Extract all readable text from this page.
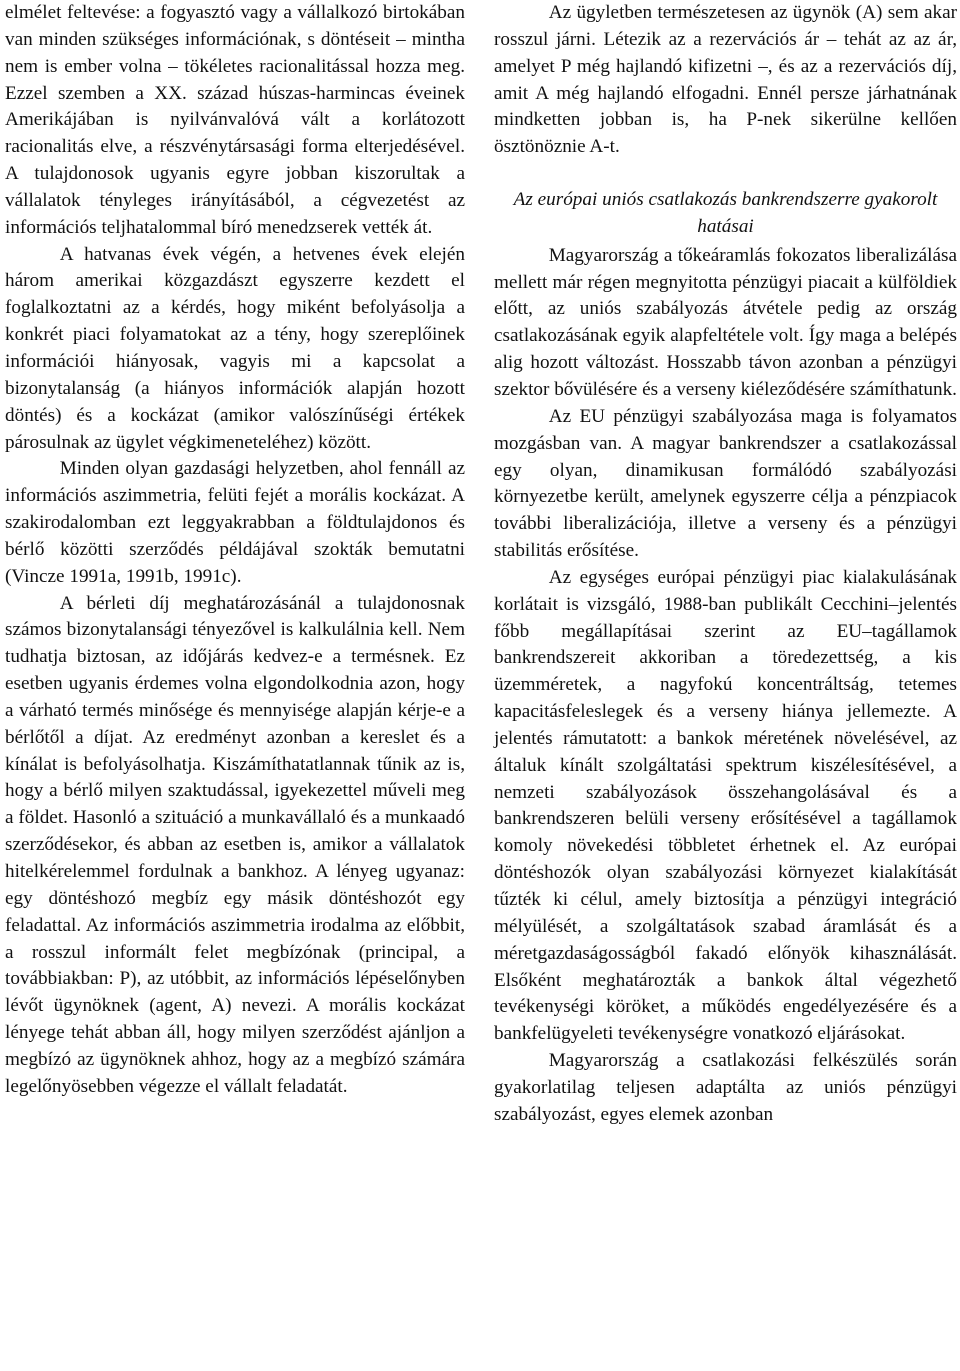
elmélet feltevése: a fogyasztó vagy a vállalkozó birtokában van minden szükséges információnak, s döntéseit – mintha nem is ember volna – tökéletes racionalitással hozza meg. Ezzel szemben a XX. század húszas-harmincas éveinek Amerikájában is nyilvánvalóvá vált a korlátozott racionalitás elve, a részvénytársasági forma elterjedésével. A tulajdonosok ugyanis egyre jobban kiszorultak a vállalatok tényleges irányításából, a cégvezetést az információs teljhatalommal bíró menedzserek vették át.

A hatvanas évek végén, a hetvenes évek elején három amerikai közgazdászt egyszerre kezdett el foglalkoztatni az a kérdés, hogy miként befolyásolja a konkrét piaci folyamatokat az a tény, hogy szereplőinek információi hiányosak, vagyis mi a kapcsolat a bizonytalanság (a hiányos információk alapján hozott döntés) és a kockázat (amikor valószínűségi értékek párosulnak az ügylet végkimeneteléhez) között.

Minden olyan gazdasági helyzetben, ahol fennáll az információs aszimmetria, felüti fejét a morális kockázat. A szakirodalomban ezt leggyakrabban a földtulajdonos és bérlő közötti szerződés példájával szokták bemutatni (Vincze 1991a, 1991b, 1991c).

A bérleti díj meghatározásánál a tulajdonosnak számos bizonytalansági tényezővel is kalkulálnia kell. Nem tudhatja biztosan, az időjárás kedvez-e a termésnek. Ez esetben ugyanis érdemes volna elgondolkodnia azon, hogy a várható termés minősége és mennyisége alapján kérje-e a bérlőtől a díjat. Az eredményt azonban a kereslet és a kínálat is befolyásolhatja. Kiszámíthatatlannak tűnik az is, hogy a bérlő milyen szaktudással, igyekezettel műveli meg a földet. Hasonló a szituáció a munkavállaló és a munkaadó szerződésekor, és abban az esetben is, amikor a vállalatok hitelkérelemmel fordulnak a bankhoz. A lényeg ugyanaz: egy döntéshozó megbíz egy másik döntéshozót egy feladattal. Az információs aszimmetria irodalma az előbbit, a rosszul informált felet megbízónak (principal, a továbbiakban: P), az utóbbit, az információs lépéselőnyben lévőt ügynöknek (agent, A) nevezi. A morális kockázat lényege tehát abban áll, hogy milyen szerződést ajánljon a megbízó az ügynöknek ahhoz, hogy az a megbízó számára legelőnyösebben végezze el vállalt feladatát.

Az ügyletben természetesen az ügynök (A) sem akar rosszul járni. Létezik az a rezervációs ár – tehát az az ár, amelyet P még hajlandó kifizetni –, és az a rezervációs díj, amit A még hajlandó elfogadni. Ennél persze járhatnának mindketten jobban is, ha P-nek sikerülne kellően ösztönöznie A-t.

Az európai uniós csatlakozás bankrendszerre gyakorolt hatásai

Magyarország a tőkeáramlás fokozatos liberalizálása mellett már régen megnyitotta pénzügyi piacait a külföldiek előtt, az uniós szabályozás átvétele pedig az ország csatlakozásának egyik alapfeltétele volt. Így maga a belépés alig hozott változást. Hosszabb távon azonban a pénzügyi szektor bővülésére és a verseny kiéleződésére számíthatunk.

Az EU pénzügyi szabályozása maga is folyamatos mozgásban van. A magyar bankrendszer a csatlakozással egy olyan, dinamikusan formálódó szabályozási környezetbe került, amelynek egyszerre célja a pénzpiacok további liberalizációja, illetve a verseny és a pénzügyi stabilitás erősítése.

Az egységes európai pénzügyi piac kialakulásának korlátait is vizsgáló, 1988-ban publikált Cecchini–jelentés főbb megállapításai szerint az EU–tagállamok bankrendszereit akkoriban a töredezettség, a kis üzemméretek, a nagyfokú koncentráltság, tetemes kapacitásfeleslegek és a verseny hiánya jellemezte. A jelentés rámutatott: a bankok méretének növelésével, az általuk kínált szolgáltatási spektrum kiszélesítésével, a nemzeti szabályozások összehangolásával és a bankrendszeren belüli verseny erősítésével a tagállamok komoly növekedési többletet érhetnek el. Az európai döntéshozók olyan szabályozási környezet kialakítását tűzték ki célul, amely biztosítja a pénzügyi integráció mélyülését, a szolgáltatások szabad áramlását és a méretgazdaságosságból fakadó előnyök kihasználását. Elsőként meghatározták a bankok által végezhető tevékenységi köröket, a működés engedélyezésére és a bankfelügyeleti tevékenységre vonatkozó eljárásokat.

Magyarország a csatlakozási felkészülés során gyakorlatilag teljesen adaptálta az uniós pénzügyi szabályozást, egyes elemek azonban
